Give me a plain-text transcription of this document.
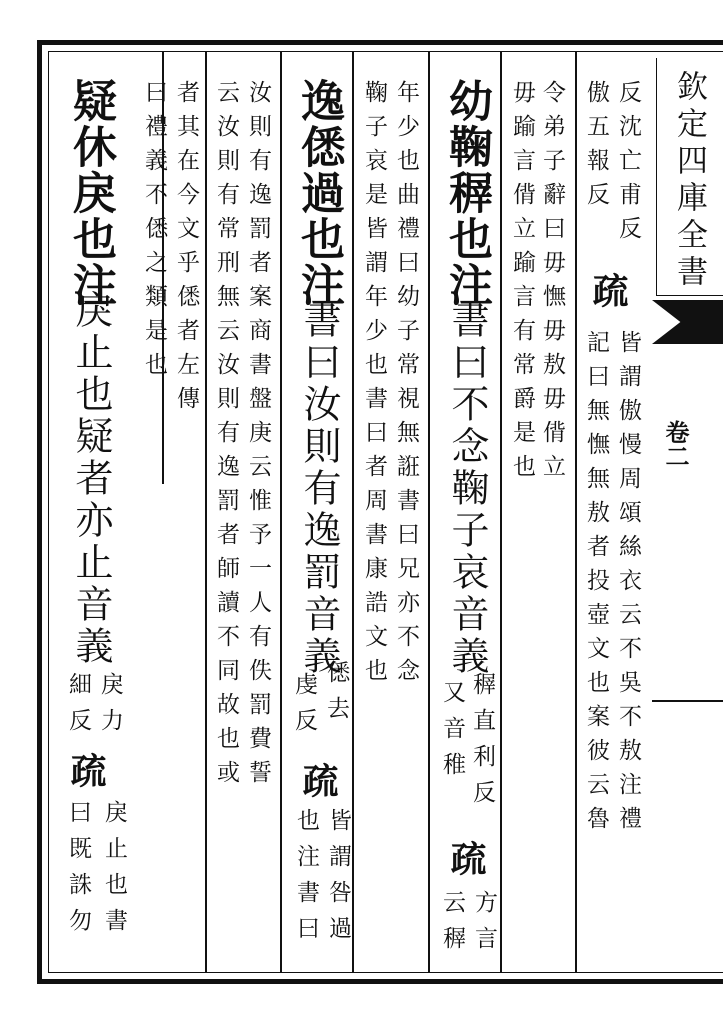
欽定四庫全書
卷二
反沈亡甫反
傲五報反
疏
皆謂傲慢周頌絲衣云不吳不敖注禮
記曰無憮無敖者投壺文也案彼云魯
令弟子辭曰毋憮毋敖毋偝立
毋踰言偝立踰言有常爵是也
幼鞠稺也注
書曰不念鞠子哀音義
稺直利反
又音稚
疏
方言
云稺
年少也曲禮曰幼子常視無誑書曰兄亦不念
鞠子哀是皆謂年少也書曰者周書康誥文也
逸僁過也注
書曰汝則有逸罰音義
僁去
虔反
疏
皆謂咎過
也注書曰
汝則有逸罰者案商書盤庚云惟予一人有佚罰費誓
云汝則有常刑無云汝則有逸罰者師讀不同故也或
者其在今文乎僁者左傳
曰禮義不僁之類是也
疑休戾也注
戾止也疑者亦止音義
戾力
細反
疏
戾止也書
曰既誅勿
